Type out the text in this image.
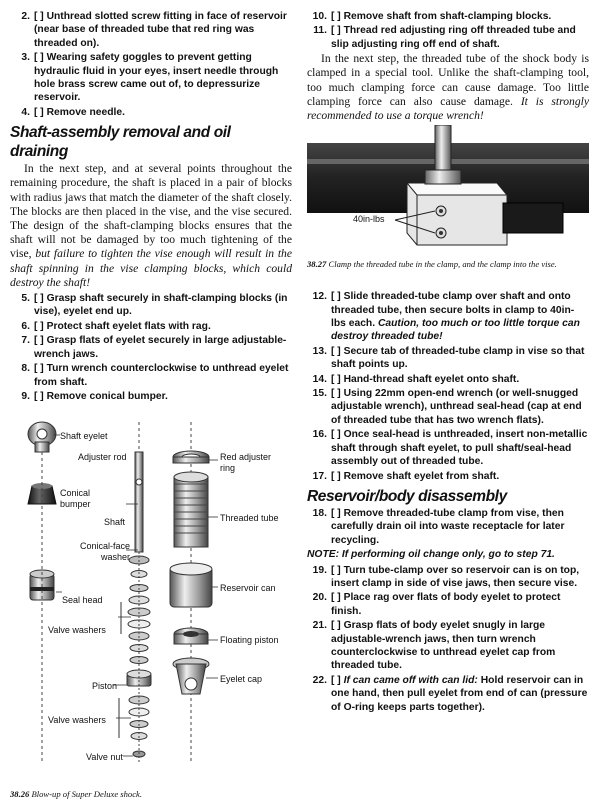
2. [ ] Unthread slotted screw fitting in face of reservoir (near base of threaded tube that red ring was threaded on).
3. [ ] Wearing safety goggles to prevent getting hydraulic fluid in your eyes, insert needle through hole brass screw came out of, to depressurize reservoir.
4. [ ] Remove needle.
Shaft-assembly removal and oil draining

In the next step, and at several points throughout the remaining procedure, the shaft is placed in a pair of blocks with radius jaws that match the diameter of the shaft closely. The blocks are then placed in the vise, and the vise secured. The design of the shaft-clamping blocks ensures that the shaft will not be damaged by too much tightening of the vise, but failure to tighten the vise enough will result in the shaft spinning in the vise clamping blocks, which could destroy the shaft!

5. [ ] Grasp shaft securely in shaft-clamping blocks (in vise), eyelet end up.
6. [ ] Protect shaft eyelet flats with rag.
7. [ ] Grasp flats of eyelet securely in large adjustable-wrench jaws.
8. [ ] Turn wrench counterclockwise to unthread eyelet from shaft.
9. [ ] Remove conical bumper.
Shaft eyelet
Adjuster rod
Conical bumper
Shaft
Conical-face washer
Seal head
Valve washers
Piston
Valve washers
Valve nut
Red adjuster ring
Threaded tube
Reservoir can
Floating piston
Eyelet cap
38.26 Blow-up of Super Deluxe shock.
10. [ ] Remove shaft from shaft-clamping blocks.
11. [ ] Thread red adjusting ring off threaded tube and slip adjusting ring off end of shaft.

In the next step, the threaded tube of the shock body is clamped in a special tool. Unlike the shaft-clamping tool, too much clamping force can cause damage. Too little clamping force can also cause damage. It is strongly recommended to use a torque wrench!

40in-lbs
38.27 Clamp the threaded tube in the clamp, and the clamp into the vise.
12. [ ] Slide threaded-tube clamp over shaft and onto threaded tube, then secure bolts in clamp to 40in-lbs each. Caution, too much or too little torque can destroy threaded tube!
13. [ ] Secure tab of threaded-tube clamp in vise so that shaft points up.
14. [ ] Hand-thread shaft eyelet onto shaft.
15. [ ] Using 22mm open-end wrench (or well-snugged adjustable wrench), unthread seal-head (cap at end of threaded tube that has two wrench flats).
16. [ ] Once seal-head is unthreaded, insert non-metallic shaft through shaft eyelet, to pull shaft/seal-head assembly out of threaded tube.
17. [ ] Remove shaft eyelet from shaft.
Reservoir/body disassembly
18. [ ] Remove threaded-tube clamp from vise, then carefully drain oil into waste receptacle for later recycling.
NOTE: If performing oil change only, go to step 71.
19. [ ] Turn tube-clamp over so reservoir can is on top, insert clamp in side of vise jaws, then secure vise.
20. [ ] Place rag over flats of body eyelet to protect finish.
21. [ ] Grasp flats of body eyelet snugly in large adjustable-wrench jaws, then turn wrench counterclockwise to unthread eyelet cap from threaded tube.
22. [ ] If can came off with can lid: Hold reservoir can in one hand, then pull eyelet from end of can (pressure of O-ring keeps parts together).
